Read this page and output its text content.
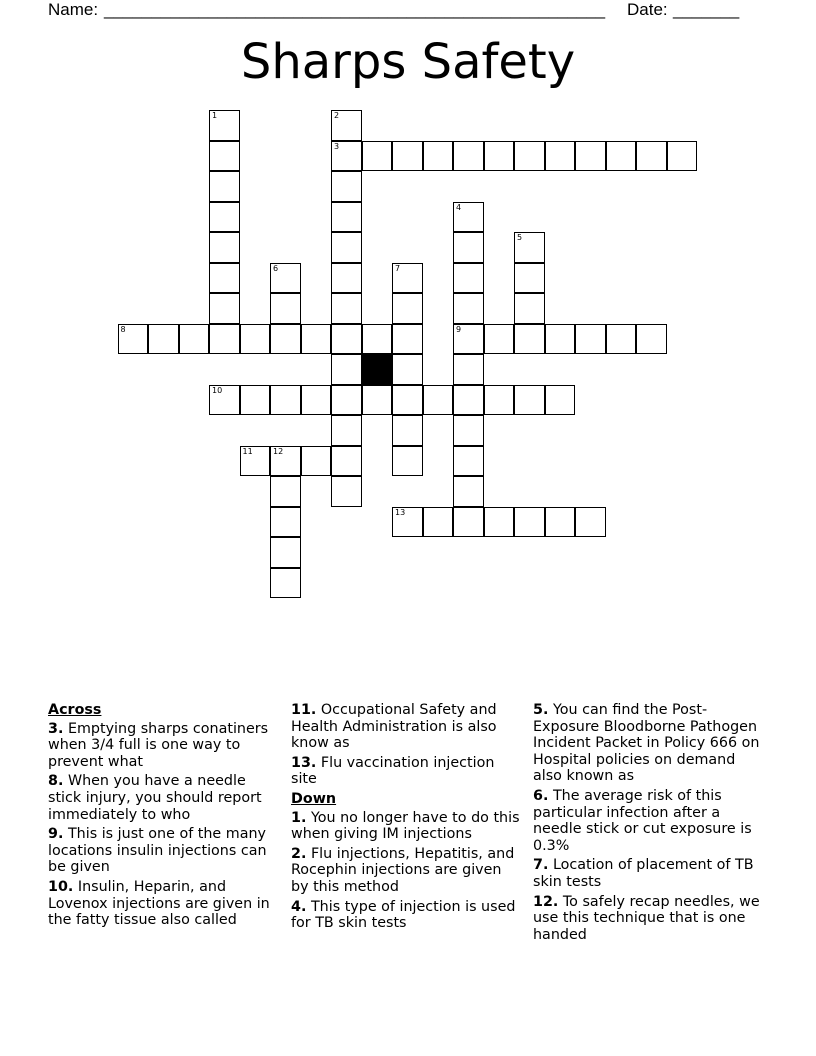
Name: _____________________________________________________ Date: _______
Sharps Safety
1	2
3
4
9
5
6	7
8
10
11	12
13
Across
3. Emptying sharps conatiners when 3/4 full is one way to prevent what
8. When you have a needle stick injury, you should report immediately to who
9. This is just one of the many locations insulin injections can be given
10. Insulin, Heparin, and Lovenox injections are given in the fatty tissue also called
11. Occupational Safety and Health Administration is also know as
13. Flu vaccination injection site
Down
1. You no longer have to do this when giving IM injections
2. Flu injections, Hepatitis, and Rocephin injections are given by this method
4. This type of injection is used for TB skin tests
5. You can find the Post-Exposure Bloodborne Pathogen Incident Packet in Policy 666 on Hospital policies on demand also known as
6. The average risk of this particular infection after a needle stick or cut exposure is 0.3%
7. Location of placement of TB skin tests
12. To safely recap needles, we use this technique that is one handed
